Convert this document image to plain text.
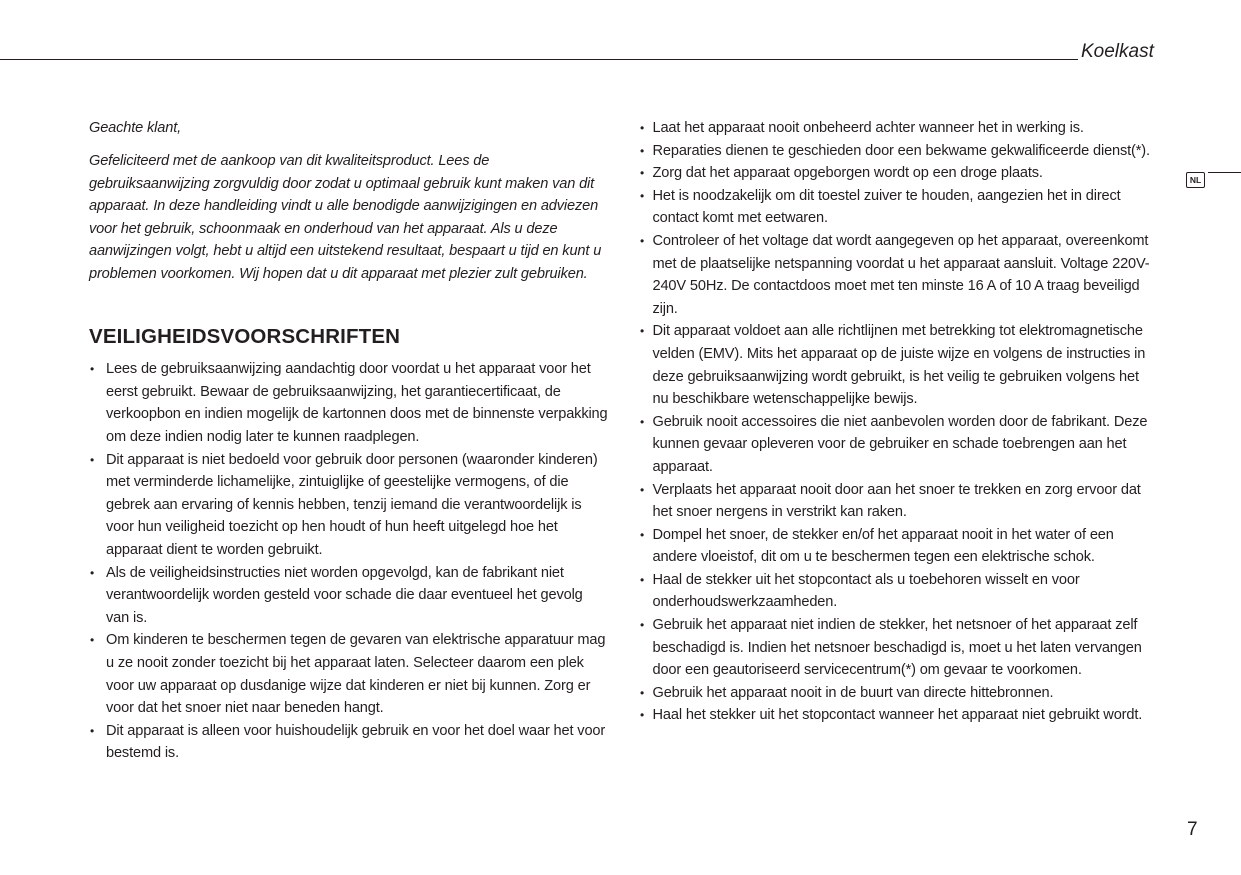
Koelkast
NL

Geachte klant,

Gefeliciteerd met de aankoop van dit kwaliteitsproduct. Lees de gebruiksaanwijzing zorgvuldig door zodat u optimaal gebruik kunt maken van dit apparaat. In deze handleiding vindt u alle benodigde aanwijzigingen en adviezen voor het gebruik, schoonmaak en onderhoud van het apparaat. Als u deze aanwijzingen volgt, hebt u altijd een uitstekend resultaat, bespaart u tijd en kunt u problemen voorkomen. Wij hopen dat u dit apparaat met plezier zult gebruiken.

VEILIGHEIDSVOORSCHRIFTEN
• Lees de gebruiksaanwijzing aandachtig door voordat u het apparaat voor het eerst gebruikt. Bewaar de gebruiksaanwijzing, het garantiecertificaat, de verkoopbon en indien mogelijk de kartonnen doos met de binnenste verpakking om deze indien nodig later te kunnen raadplegen.
• Dit apparaat is niet bedoeld voor gebruik door personen (waaronder kinderen) met verminderde lichamelijke, zintuiglijke of geestelijke vermogens, of die gebrek aan ervaring of kennis hebben, tenzij iemand die verantwoordelijk is voor hun veiligheid toezicht op hen houdt of hun heeft uitgelegd hoe het apparaat dient te worden gebruikt.
• Als de veiligheidsinstructies niet worden opgevolgd, kan de fabrikant niet verantwoordelijk worden gesteld voor schade die daar eventueel het gevolg van is.
• Om kinderen te beschermen tegen de gevaren van elektrische apparatuur mag u ze nooit zonder toezicht bij het apparaat laten. Selecteer daarom een plek voor uw apparaat op dusdanige wijze dat kinderen er niet bij kunnen. Zorg er voor dat het snoer niet naar beneden hangt.
• Dit apparaat is alleen voor huishoudelijk gebruik en voor het doel waar het voor bestemd is.
• Laat het apparaat nooit onbeheerd achter wanneer het in werking is.
• Reparaties dienen te geschieden door een bekwame gekwalificeerde dienst(*).
• Zorg dat het apparaat opgeborgen wordt op een droge plaats.
• Het is noodzakelijk om dit toestel zuiver te houden, aangezien het in direct contact komt met eetwaren.
• Controleer of het voltage dat wordt aangegeven op het apparaat, overeenkomt met de plaatselijke netspanning voordat u het apparaat aansluit. Voltage 220V-240V 50Hz. De contactdoos moet met ten minste 16 A of 10 A traag beveiligd zijn.
• Dit apparaat voldoet aan alle richtlijnen met betrekking tot elektromagnetische velden (EMV). Mits het apparaat op de juiste wijze en volgens de instructies in deze gebruiksaanwijzing wordt gebruikt, is het veilig te gebruiken volgens het nu beschikbare wetenschappelijke bewijs.
• Gebruik nooit accessoires die niet aanbevolen worden door de fabrikant. Deze kunnen gevaar opleveren voor de gebruiker en schade toebrengen aan het apparaat.
• Verplaats het apparaat nooit door aan het snoer te trekken en zorg ervoor dat het snoer nergens in verstrikt kan raken.
• Dompel het snoer, de stekker en/of het apparaat nooit in het water of een andere vloeistof, dit om u te beschermen tegen een elektrische schok.
• Haal de stekker uit het stopcontact als u toebehoren wisselt en voor onderhoudswerkzaamheden.
• Gebruik het apparaat niet indien de stekker, het netsnoer of het apparaat zelf beschadigd is. Indien het netsnoer beschadigd is, moet u het laten vervangen door een geautoriseerd servicecentrum(*) om gevaar te voorkomen.
• Gebruik het apparaat nooit in de buurt van directe hittebronnen.
• Haal het stekker uit het stopcontact wanneer het apparaat niet gebruikt wordt.
7
